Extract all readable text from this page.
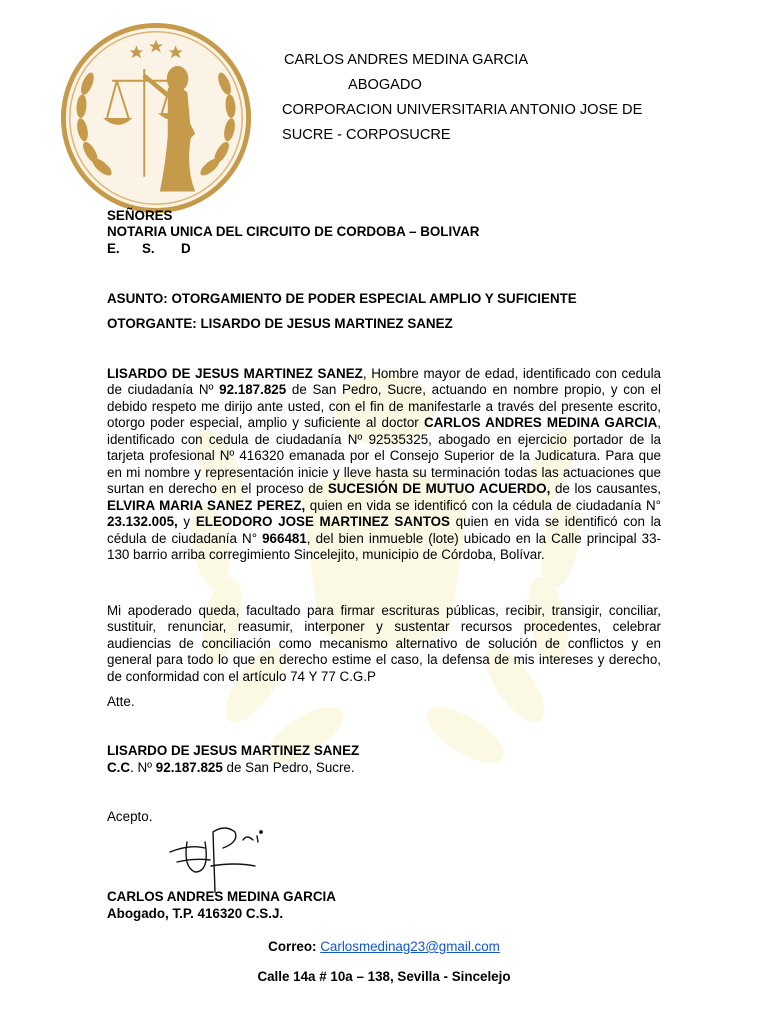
CARLOS ANDRES MEDINA GARCIA
ABOGADO
CORPORACION UNIVERSITARIA ANTONIO JOSE DE
SUCRE - CORPOSUCRE
SEÑORES
NOTARIA UNICA DEL CIRCUITO DE CORDOBA – BOLIVAR
E. S. D
ASUNTO: OTORGAMIENTO DE PODER ESPECIAL AMPLIO Y SUFICIENTE
OTORGANTE: LISARDO DE JESUS MARTINEZ SANEZ
LISARDO DE JESUS MARTINEZ SANEZ, Hombre mayor de edad, identificado con cedula de ciudadanía Nº 92.187.825 de San Pedro, Sucre, actuando en nombre propio, y con el debido respeto me dirijo ante usted, con el fin de manifestarle a través del presente escrito, otorgo poder especial, amplio y suficiente al doctor CARLOS ANDRES MEDINA GARCIA, identificado con cedula de ciudadanía Nº 92535325, abogado en ejercicio portador de la tarjeta profesional Nº 416320 emanada por el Consejo Superior de la Judicatura. Para que en mi nombre y representación inicie y lleve hasta su terminación todas las actuaciones que surtan en derecho en el proceso de SUCESIÓN DE MUTUO ACUERDO, de los causantes, ELVIRA MARIA SANEZ PEREZ, quien en vida se identificó con la cédula de ciudadanía N° 23.132.005, y ELEODORO JOSE MARTINEZ SANTOS quien en vida se identificó con la cédula de ciudadanía N° 966481, del bien inmueble (lote) ubicado en la Calle principal 33-130 barrio arriba corregimiento Sincelejito, municipio de Córdoba, Bolívar.
Mi apoderado queda, facultado para firmar escrituras públicas, recibir, transigir, conciliar, sustituir, renunciar, reasumir, interponer y sustentar recursos procedentes, celebrar audiencias de conciliación como mecanismo alternativo de solución de conflictos y en general para todo lo que en derecho estime el caso, la defensa de mis intereses y derecho, de conformidad con el artículo 74 Y 77 C.G.P
Atte.
LISARDO DE JESUS MARTINEZ SANEZ
C.C. Nº 92.187.825 de San Pedro, Sucre.
Acepto.
CARLOS ANDRES MEDINA GARCIA
Abogado, T.P. 416320 C.S.J.
Correo: Carlosmedinag23@gmail.com
Calle 14a # 10a – 138, Sevilla - Sincelejo
